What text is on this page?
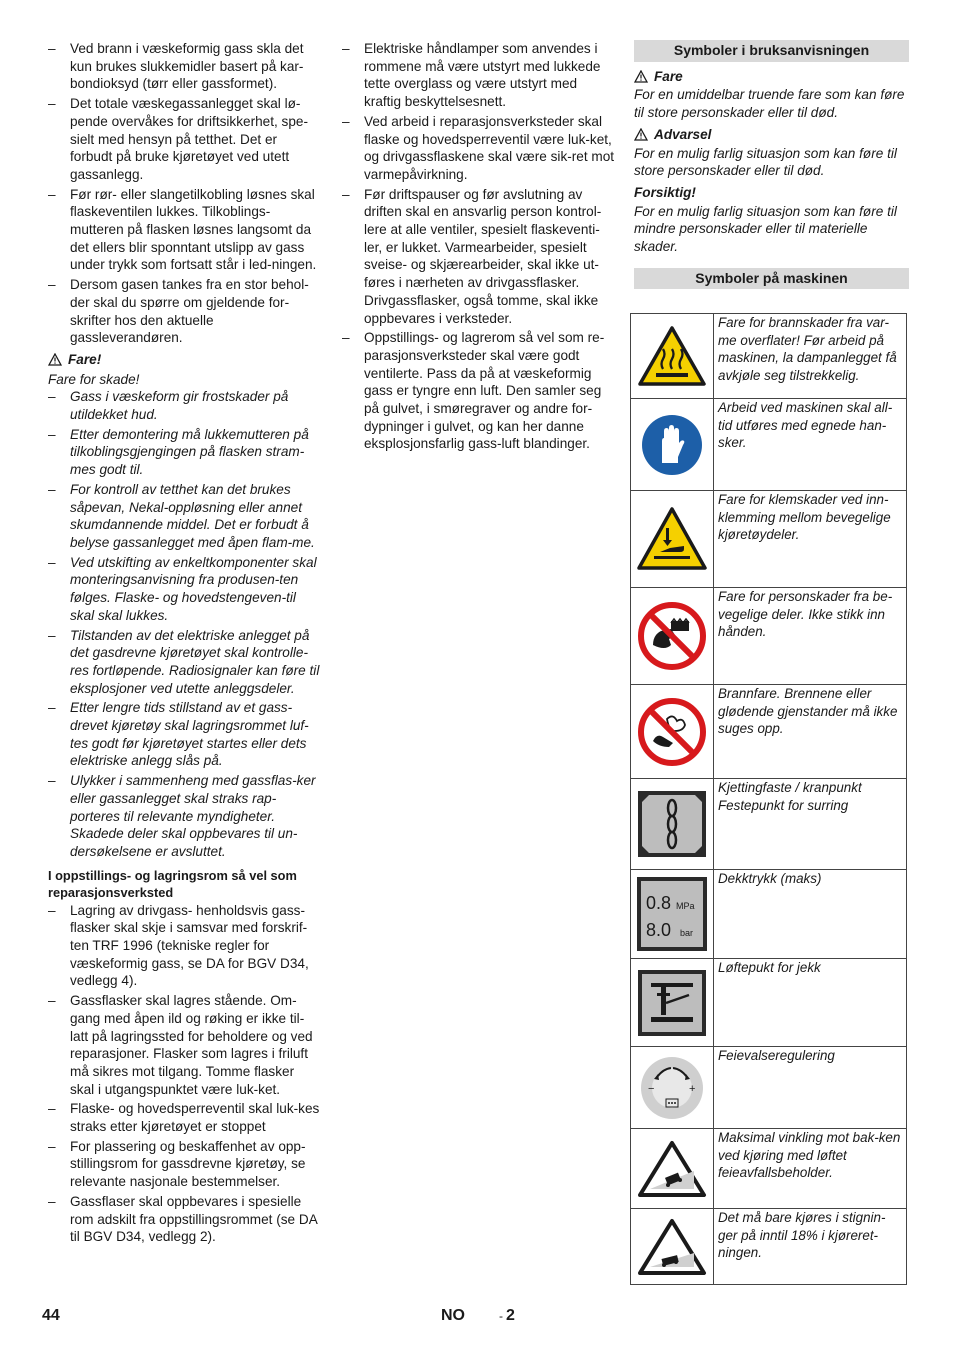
– Ved brann i væskeformig gass skla det kun brukes slukkemidler basert på kar-bondioksyd (tørr eller gassformet).
– Det totale væskegassanlegget skal lø-pende overvåkes for driftsikkerhet, spe-sielt med hensyn på tetthet. Det er forbudt på bruke kjøretøyet ved utett gassanlegg.
– Før rør- eller slangetilkobling løsnes skal flaskeventilen lukkes. Tilkoblings-mutteren på flasken løsnes langsomt da det ellers blir sponntant utslipp av gass under trykk som fortsatt står i led-ningen.
– Dersom gasen tankes fra en stor behol-der skal du spørre om gjeldende for-skrifter hos den aktuelle gassleverandøren.
Fare!
Fare for skade!
– Gass i væskeform gir frostskader på utildekket hud.
– Etter demontering må lukkemutteren på tilkoblingsgjengingen på flasken stram-mes godt til.
– For kontroll av tetthet kan det brukes såpevan, Nekal-oppløsning eller annet skumdannende middel. Det er forbudt å belyse gassanlegget med åpen flam-me.
– Ved utskifting av enkeltkomponenter skal monteringsanvisning fra produsen-ten følges. Flaske- og hovedstengeven-til skal skal lukkes.
– Tilstanden av det elektriske anlegget på det gasdrevne kjøretøyet skal kontrolle-res fortløpende. Radiosignaler kan føre til eksplosjoner ved utette anleggsdeler.
– Etter lengre tids stillstand av et gass-drevet kjøretøy skal lagringsrommet luf-tes godt før kjøretøyet startes eller dets elektriske anlegg slås på.
– Ulykker i sammenheng med gassflas-ker eller gassanlegget skal straks rap-porteres til relevante myndigheter. Skadede deler skal oppbevares til un-dersøkelsene er avsluttet.
I oppstillings- og lagringsrom så vel som reparasjonsverksted
– Lagring av drivgass- henholdsvis gass-flasker skal skje i samsvar med forskrif-ten TRF 1996 (tekniske regler for væskeformig gass, se DA for BGV D34, vedlegg 4).
– Gassflasker skal lagres stående. Om-gang med åpen ild og røking er ikke til-latt på lagringssted for beholdere og ved reparasjoner. Flasker som lagres i friluft må sikres mot tilgang. Tomme flasker skal i utgangspunktet være luk-ket.
– Flaske- og hovedsperreventil skal luk-kes straks etter kjøretøyet er stoppet
– For plassering og beskaffenhet av opp-stillingsrom for gassdrevne kjøretøy, se relevante nasjonale bestemmelser.
– Gassflaser skal oppbevares i spesielle rom adskilt fra oppstillingsrommet (se DA til BGV D34, vedlegg 2).
– Elektriske håndlamper som anvendes i rommene må være utstyrt med lukkede tette overglass og være utstyrt med kraftig beskyttelsesnett.
– Ved arbeid i reparasjonsverksteder skal flaske og hovedsperreventil være luk-ket, og drivgassflaskene skal være sik-ret mot varmepåvirkning.
– Før driftspauser og før avslutning av driften skal en ansvarlig person kontrol-lere at alle ventiler, spesielt flaskeventi-ler, er lukket. Varmearbeider, spesielt sveise- og skjærearbeider, skal ikke ut-føres i nærheten av drivgassflasker. Drivgassflasker, også tomme, skal ikke oppbevares i verksteder.
– Oppstillings- og lagrerom så vel som re-parasjonsverksteder skal være godt ventilerte. Pass da på at væskeformig gass er tyngre enn luft. Den samler seg på gulvet, i smøregraver og andre for-dypninger i gulvet, og kan her danne eksplosjonsfarlig gass-luft blandinger.
Symboler i bruksanvisningen
Fare
For en umiddelbar truende fare som kan føre til store personskader eller til død.
Advarsel
For en mulig farlig situasjon som kan føre til store personskader eller til død.
Forsiktig!
For en mulig farlig situasjon som kan føre til mindre personskader eller til materielle skader.
Symboler på maskinen
	Fare for brannskader fra var-me overflater! Før arbeid på maskinen, la dampanlegget få avkjøle seg tilstrekkelig.

	Arbeid ved maskinen skal all-tid utføres med egnede han-sker.

	Fare for klemskader ved inn-klemming mellom bevegelige kjøretøydeler.

	Fare for personskader fra be-vegelige deler. Ikke stikk inn hånden.

	Brannfare. Brennene eller glødende gjenstander må ikke suges opp.

	Kjettingfaste / kranpunkt Festepunkt for surring

0.8 MPa
8.0 bar	Dekktrykk (maks)

	Løftepukt for jekk

− +	Feievalseregulering

	Maksimal vinkling mot bak-ken ved kjøring med løftet feieavfallsbeholder.

	Det må bare kjøres i stignin-ger på inntil 18% i kjøreret-ningen.
44	NO	- 2
